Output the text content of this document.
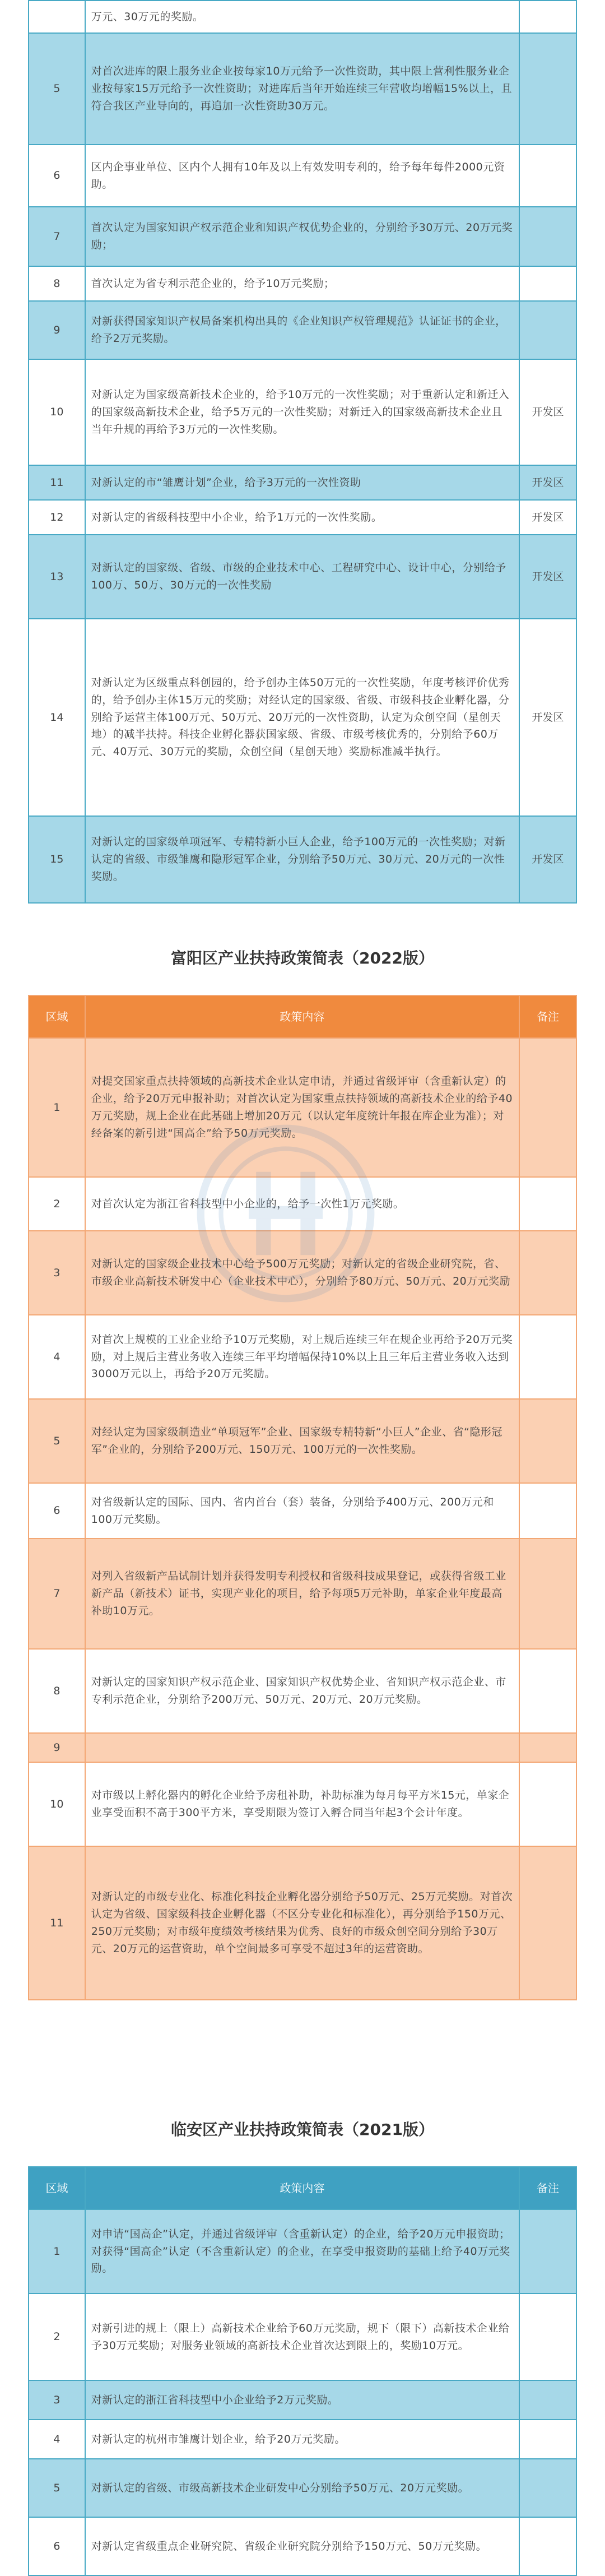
	万元、30万元的奖励。	
5	对首次进库的限上服务业企业按每家10万元给予一次性资助，其中限上营利性服务业企业按每家15万元给予一次性资助；对进库后当年开始连续三年营收均增幅15%以上，且符合我区产业导向的，再追加一次性资助30万元。	
6	区内企事业单位、区内个人拥有10年及以上有效发明专利的，给予每年每件2000元资助。	
7	首次认定为国家知识产权示范企业和知识产权优势企业的，分别给予30万元、20万元奖励；	
8	首次认定为省专利示范企业的，给予10万元奖励；	
9	对新获得国家知识产权局备案机构出具的《企业知识产权管理规范》认证证书的企业，给予2万元奖励。	
10	对新认定为国家级高新技术企业的，给予10万元的一次性奖励；对于重新认定和新迁入的国家级高新技术企业，给予5万元的一次性奖励；对新迁入的国家级高新技术企业且当年升规的再给予3万元的一次性奖励。	开发区
11	对新认定的市“雏鹰计划”企业，给予3万元的一次性资助	开发区
12	对新认定的省级科技型中小企业，给予1万元的一次性奖励。	开发区
13	对新认定的国家级、省级、市级的企业技术中心、工程研究中心、设计中心，分别给予100万、50万、30万元的一次性奖励	开发区
14	对新认定为区级重点科创园的，给予创办主体50万元的一次性奖励，年度考核评价优秀的，给予创办主体15万元的奖励；对经认定的国家级、省级、市级科技企业孵化器，分别给予运营主体100万元、50万元、20万元的一次性资助，认定为众创空间（星创天地）的减半扶持。科技企业孵化器获国家级、省级、市级考核优秀的，分别给予60万元、40万元、30万元的奖励，众创空间（星创天地）奖励标准减半执行。	开发区
15	对新认定的国家级单项冠军、专精特新小巨人企业，给予100万元的一次性奖励；对新认定的省级、市级雏鹰和隐形冠军企业，分别给予50万元、30万元、20万元的一次性奖励。	开发区
富阳区产业扶持政策简表（2022版）
区域	政策内容	备注
1	对提交国家重点扶持领域的高新技术企业认定申请，并通过省级评审（含重新认定）的企业，给予20万元申报补助；对首次认定为国家重点扶持领域的高新技术企业的给予40万元奖励，规上企业在此基础上增加20万元（以认定年度统计年报在库企业为准）；对经备案的新引进“国高企”给予50万元奖励。	
2	对首次认定为浙江省科技型中小企业的，给予一次性1万元奖励。	
3	对新认定的国家级企业技术中心给予500万元奖励；对新认定的省级企业研究院，省、市级企业高新技术研发中心（企业技术中心），分别给予80万元、50万元、20万元奖励	
4	对首次上规模的工业企业给予10万元奖励，对上规后连续三年在规企业再给予20万元奖励，对上规后主营业务收入连续三年平均增幅保持10%以上且三年后主营业务收入达到3000万元以上，再给予20万元奖励。	
5	对经认定为国家级制造业“单项冠军”企业、国家级专精特新“小巨人”企业、省“隐形冠军”企业的，分别给予200万元、150万元、100万元的一次性奖励。	
6	对省级新认定的国际、国内、省内首台（套）装备，分别给予400万元、200万元和100万元奖励。	
7	对列入省级新产品试制计划并获得发明专利授权和省级科技成果登记，或获得省级工业新产品（新技术）证书，实现产业化的项目，给予每项5万元补助，单家企业年度最高补助10万元。	
8	对新认定的国家知识产权示范企业、国家知识产权优势企业、省知识产权示范企业、市专利示范企业，分别给予200万元、50万元、20万元、20万元奖励。	
9		
10	对市级以上孵化器内的孵化企业给予房租补助，补助标准为每月每平方米15元，单家企业享受面积不高于300平方米，享受期限为签订入孵合同当年起3个会计年度。	
11	对新认定的市级专业化、标准化科技企业孵化器分别给予50万元、25万元奖励。对首次认定为省级、国家级科技企业孵化器（不区分专业化和标准化），再分别给予150万元、250万元奖励；对市级年度绩效考核结果为优秀、良好的市级众创空间分别给予30万元、20万元的运营资助，单个空间最多可享受不超过3年的运营资助。	
临安区产业扶持政策简表（2021版）
区域	政策内容	备注
1	对申请“国高企”认定，并通过省级评审（含重新认定）的企业，给予20万元申报资助；对获得“国高企”认定（不含重新认定）的企业，在享受申报资助的基础上给予40万元奖励。	
2	对新引进的规上（限上）高新技术企业给予60万元奖励，规下（限下）高新技术企业给予30万元奖励；对服务业领域的高新技术企业首次达到限上的，奖励10万元。	
3	对新认定的浙江省科技型中小企业给予2万元奖励。	
4	对新认定的杭州市雏鹰计划企业，给予20万元奖励。	
5	对新认定的省级、市级高新技术企业研发中心分别给予50万元、20万元奖励。	
6	对新认定省级重点企业研究院、省级企业研究院分别给予150万元、50万元奖励。	
